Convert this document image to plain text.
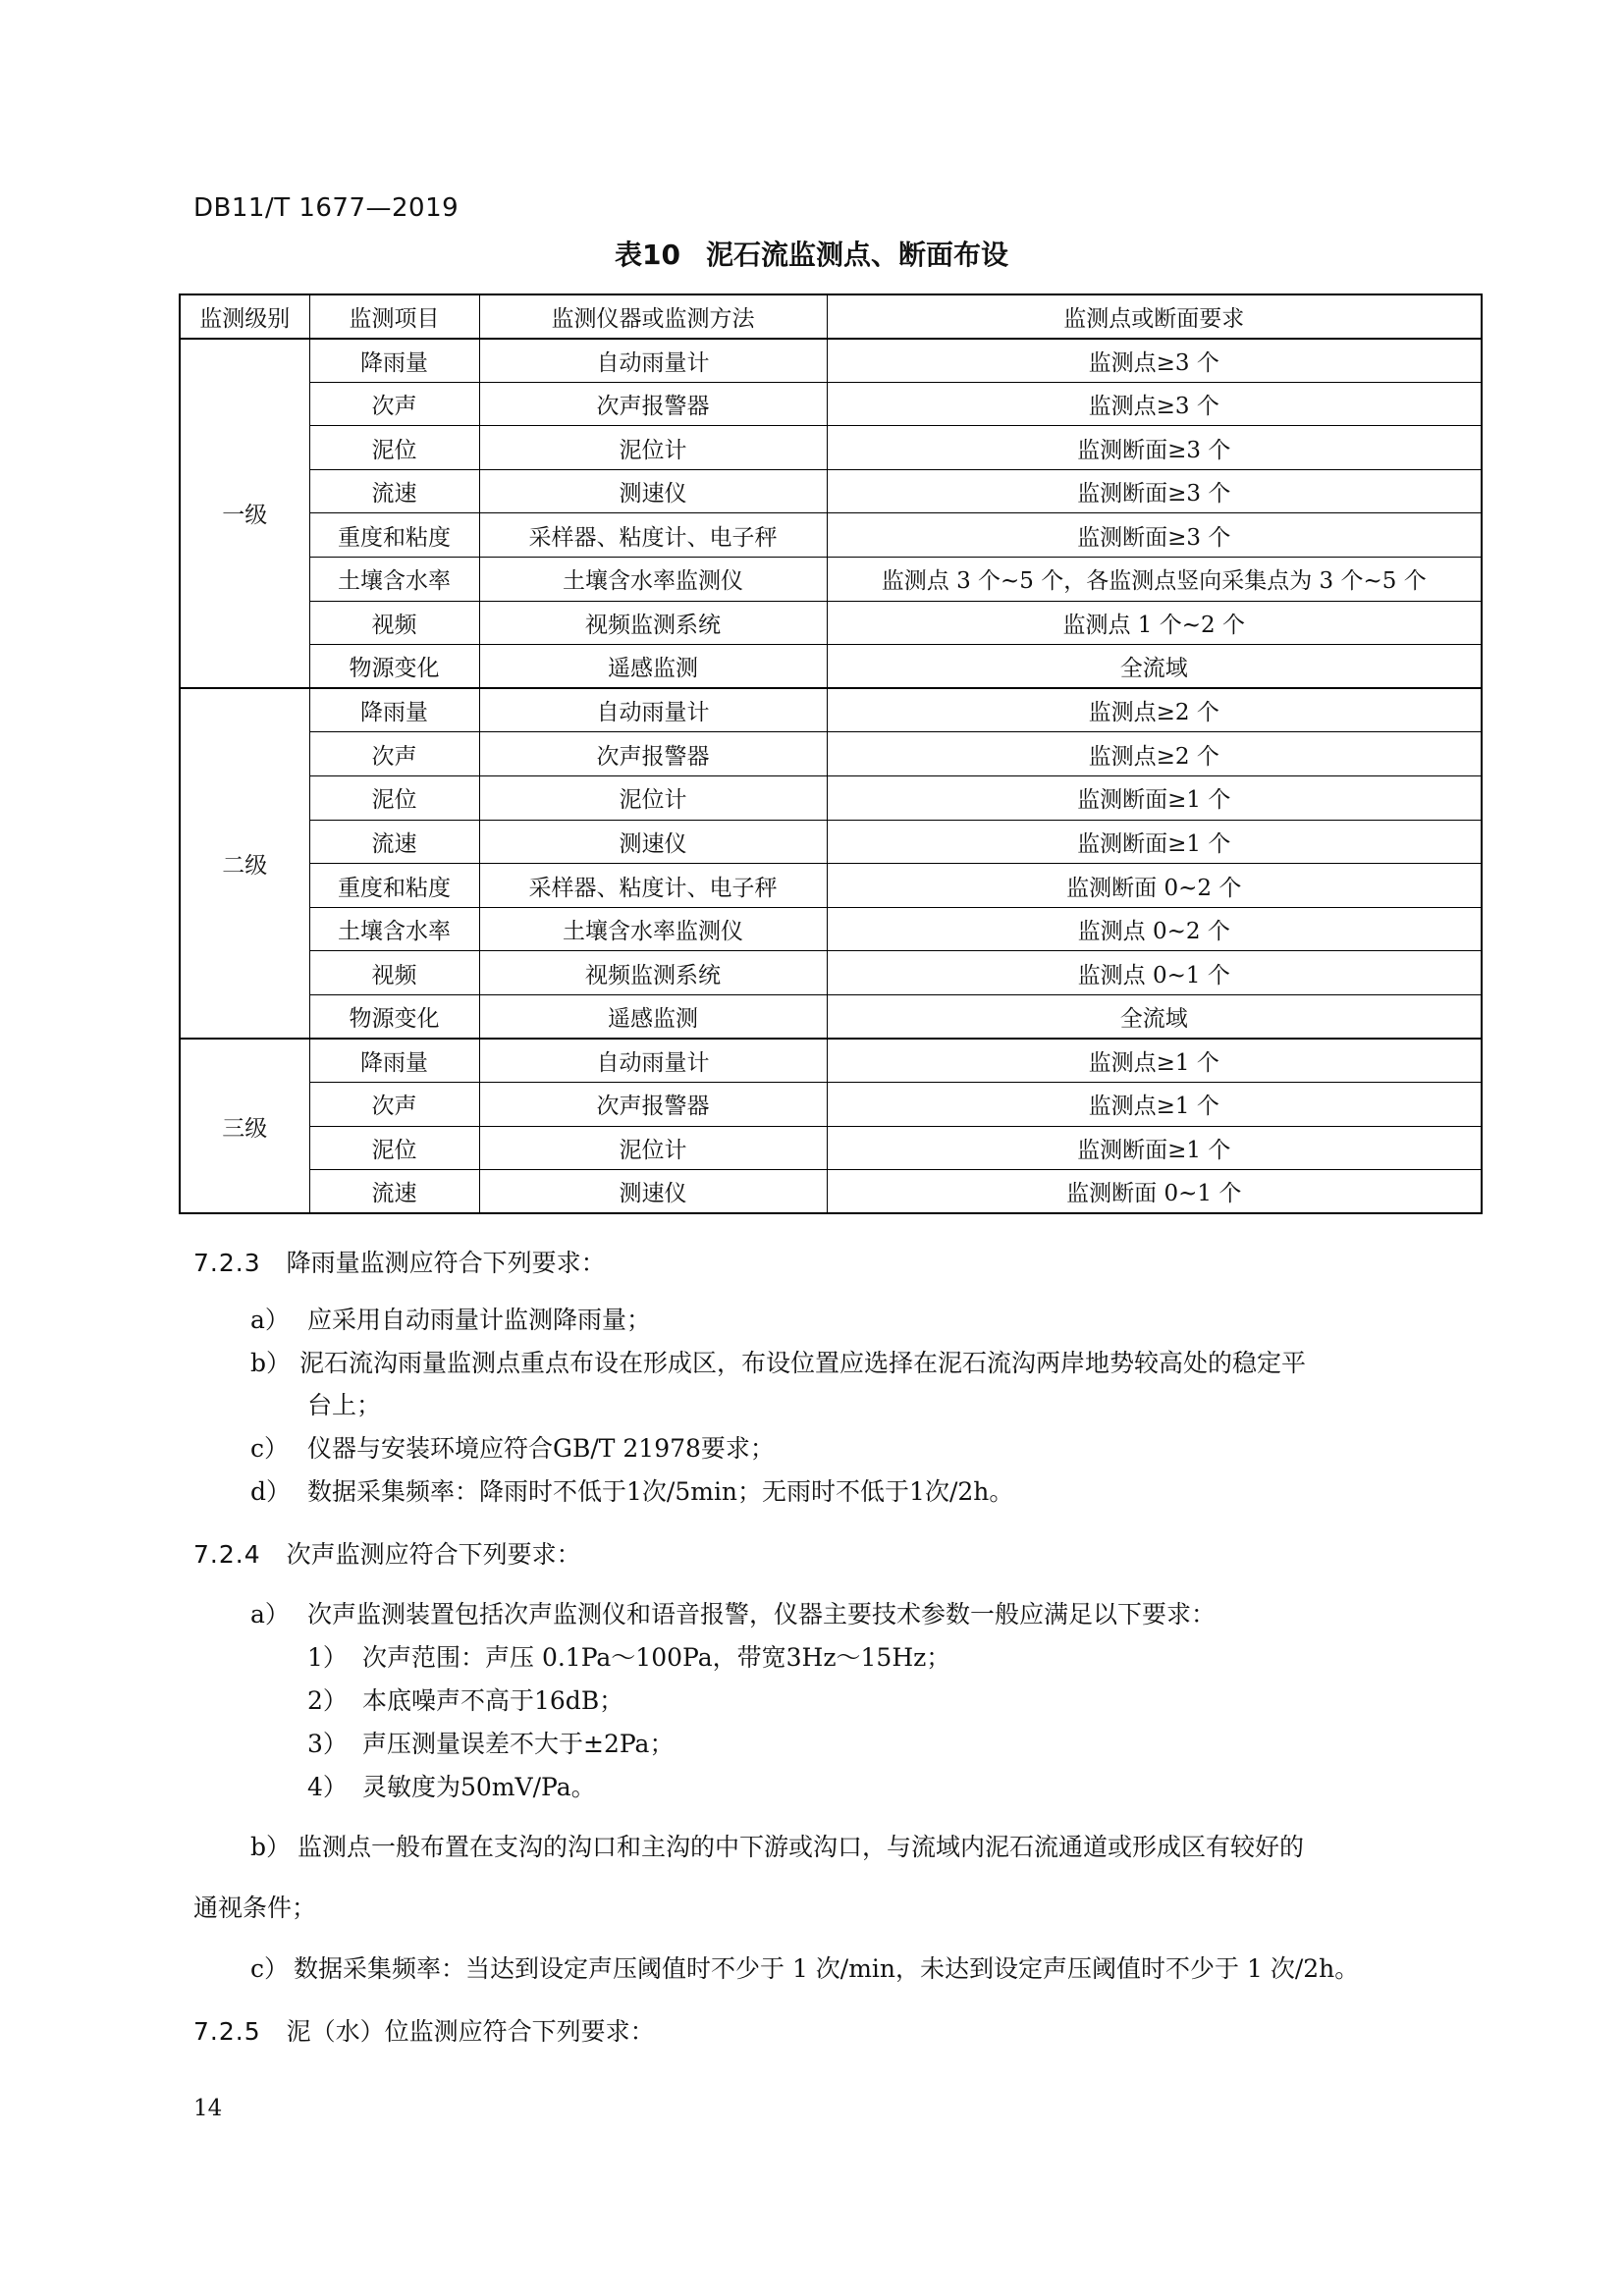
DB11/T 1677—2019
表10 泥石流监测点、断面布设
监测级别	监测项目	监测仪器或监测方法	监测点或断面要求
一级	降雨量	自动雨量计	监测点≥3 个
	次声	次声报警器	监测点≥3 个
	泥位	泥位计	监测断面≥3 个
	流速	测速仪	监测断面≥3 个
	重度和粘度	采样器、粘度计、电子秤	监测断面≥3 个
	土壤含水率	土壤含水率监测仪	监测点 3 个~5 个，各监测点竖向采集点为 3 个~5 个
	视频	视频监测系统	监测点 1 个~2 个
	物源变化	遥感监测	全流域
二级	降雨量	自动雨量计	监测点≥2 个
	次声	次声报警器	监测点≥2 个
	泥位	泥位计	监测断面≥1 个
	流速	测速仪	监测断面≥1 个
	重度和粘度	采样器、粘度计、电子秤	监测断面 0~2 个
	土壤含水率	土壤含水率监测仪	监测点 0~2 个
	视频	视频监测系统	监测点 0~1 个
	物源变化	遥感监测	全流域
三级	降雨量	自动雨量计	监测点≥1 个
	次声	次声报警器	监测点≥1 个
	泥位	泥位计	监测断面≥1 个
	流速	测速仪	监测断面 0~1 个
7.2.3 降雨量监测应符合下列要求：
a） 应采用自动雨量计监测降雨量；
b） 泥石流沟雨量监测点重点布设在形成区，布设位置应选择在泥石流沟两岸地势较高处的稳定平
台上；
c） 仪器与安装环境应符合GB/T 21978要求；
d） 数据采集频率：降雨时不低于1次/5min；无雨时不低于1次/2h。
7.2.4 次声监测应符合下列要求：
a） 次声监测装置包括次声监测仪和语音报警，仪器主要技术参数一般应满足以下要求：
1） 次声范围：声压 0.1Pa～100Pa，带宽3Hz～15Hz；
2） 本底噪声不高于16dB；
3） 声压测量误差不大于±2Pa；
4） 灵敏度为50mV/Pa。
b） 监测点一般布置在支沟的沟口和主沟的中下游或沟口，与流域内泥石流通道或形成区有较好的
通视条件；
c） 数据采集频率：当达到设定声压阈值时不少于 1 次/min，未达到设定声压阈值时不少于 1 次/2h。
7.2.5 泥（水）位监测应符合下列要求：
14
